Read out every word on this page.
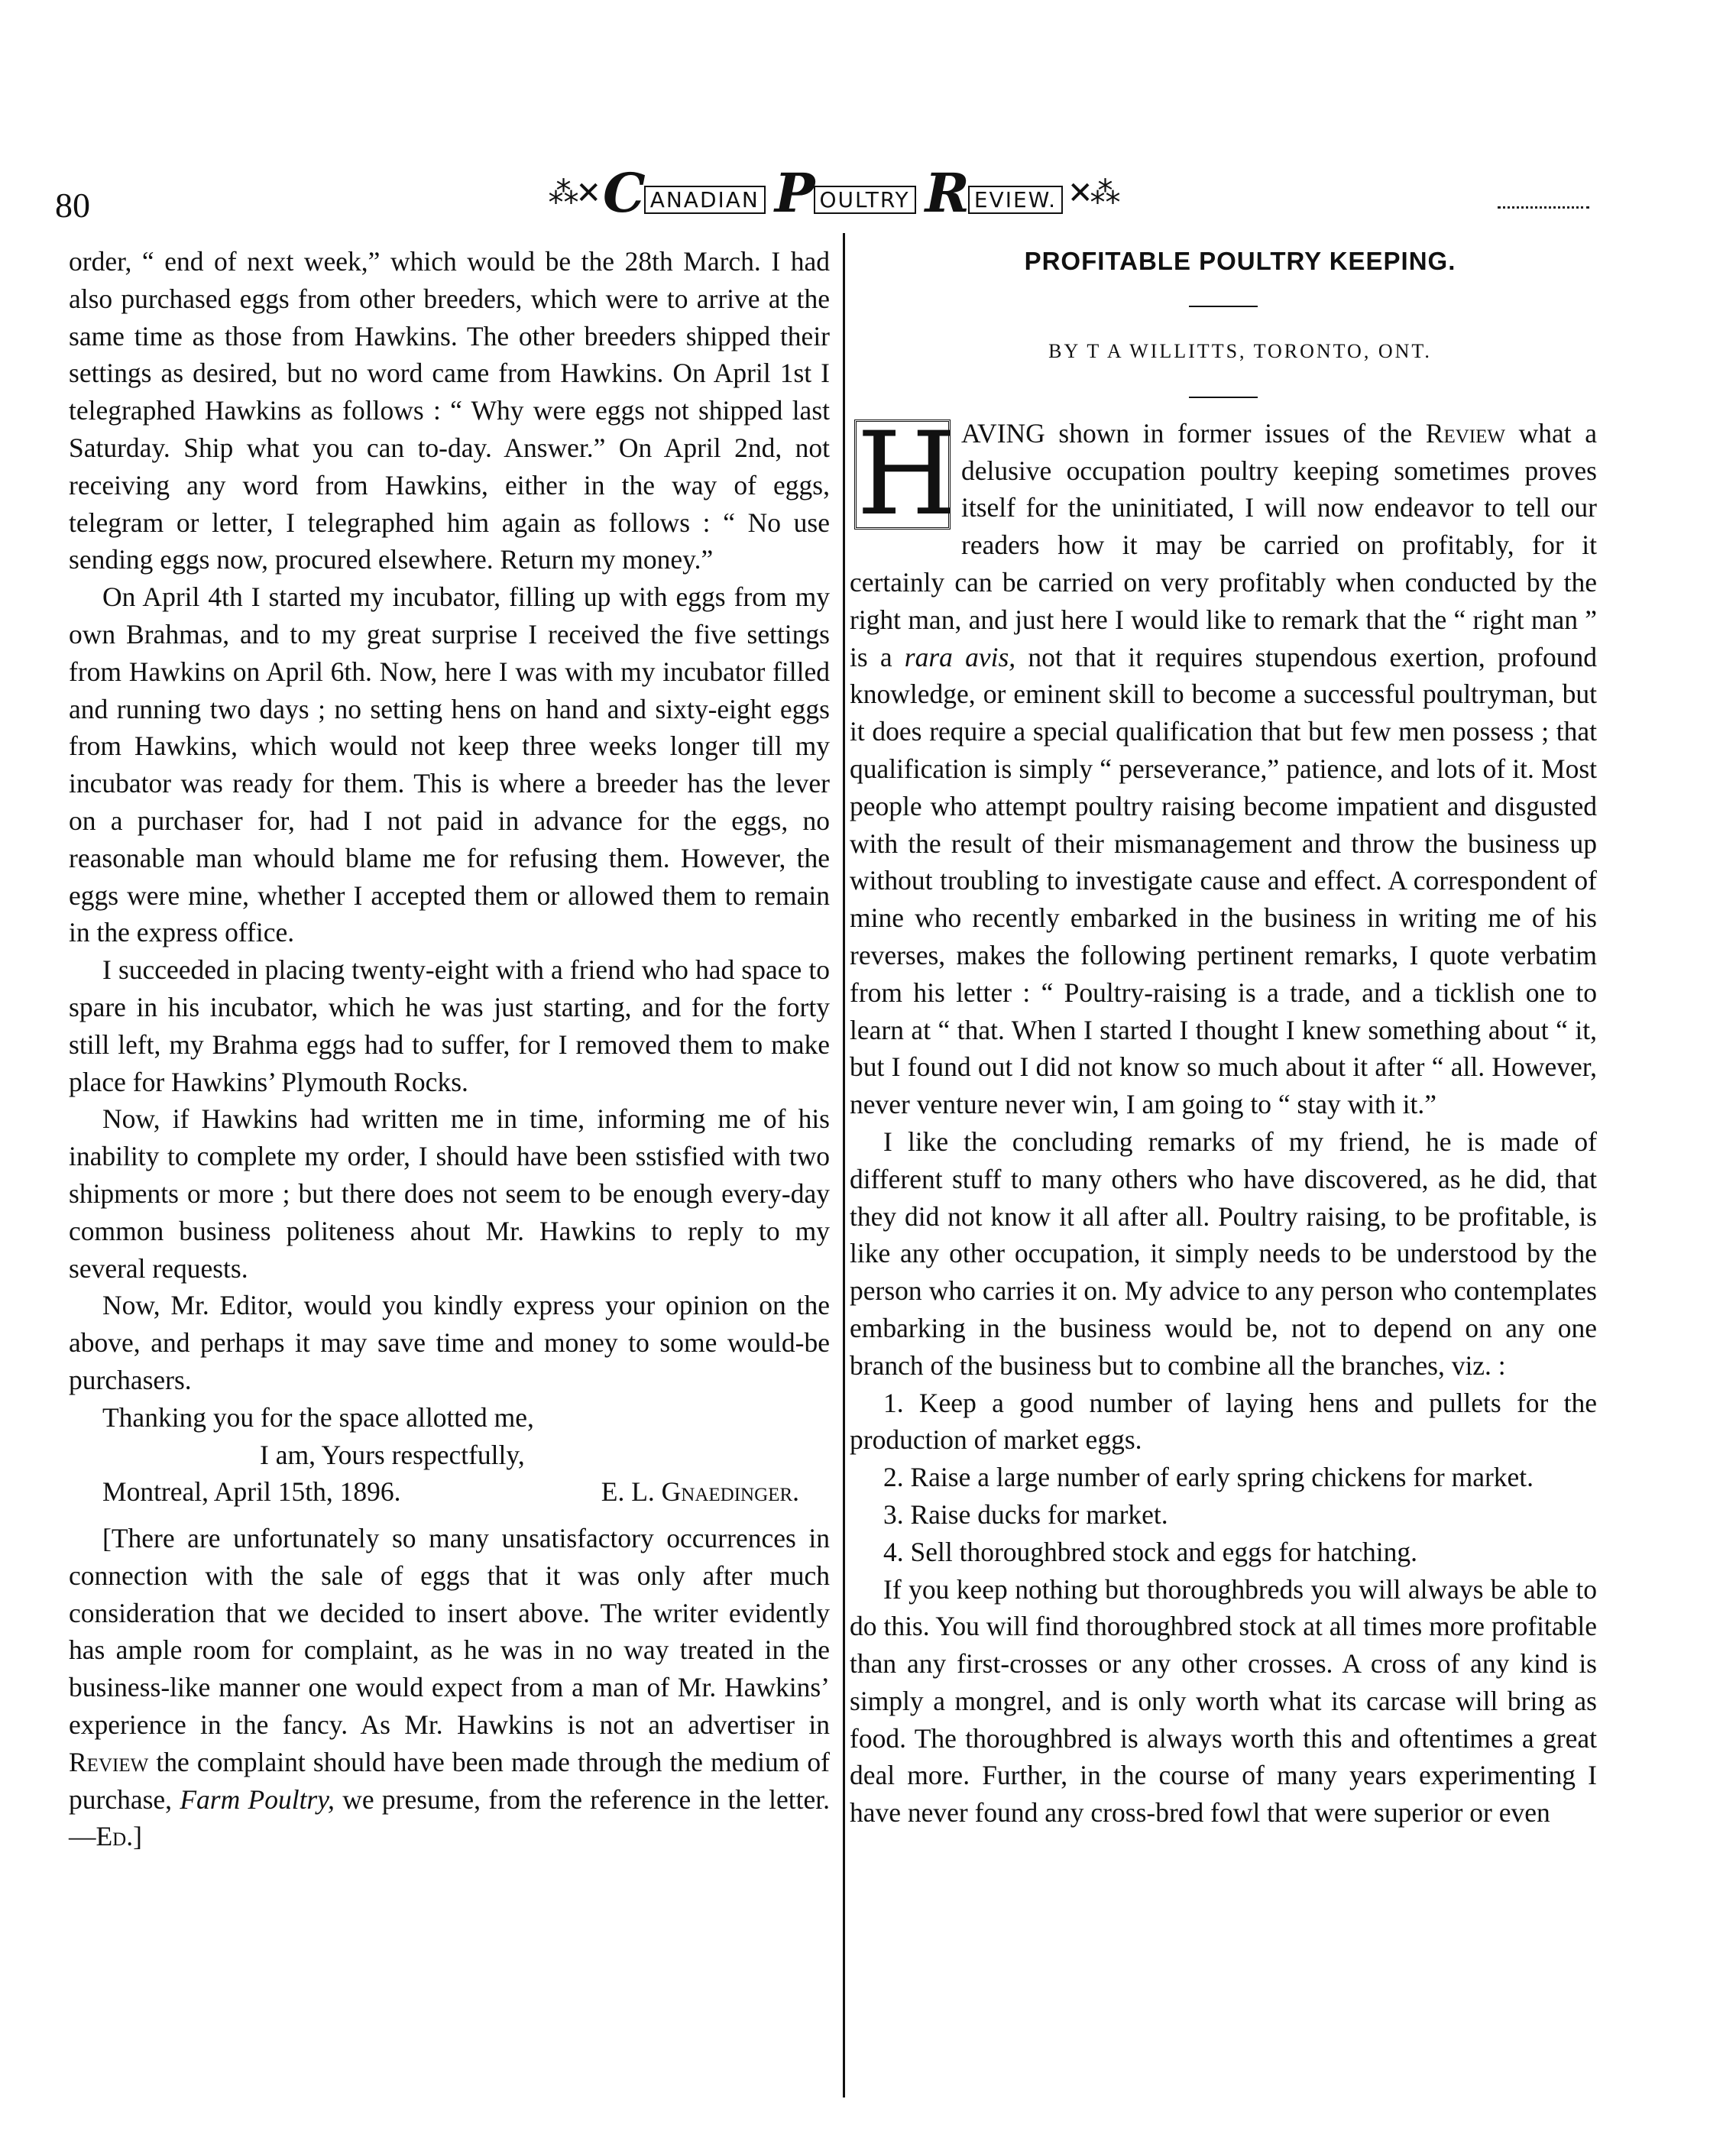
80	⁂✕ C ANADIAN P OULTRY R EVIEW. ✕⁂

order, “ end of next week,” which would be the 28th March. I had also purchased eggs from other breeders, which were to arrive at the same time as those from Hawkins. The other breeders shipped their settings as desired, but no word came from Hawkins. On April 1st I telegraphed Hawkins as follows : “ Why were eggs not shipped last Saturday. Ship what you can to-day. Answer.” On April 2nd, not receiving any word from Hawkins, either in the way of eggs, telegram or letter, I telegraphed him again as follows : “ No use sending eggs now, procured elsewhere. Return my money.”

On April 4th I started my incubator, filling up with eggs from my own Brahmas, and to my great surprise I received the five settings from Hawkins on April 6th. Now, here I was with my incubator filled and running two days ; no setting hens on hand and sixty-eight eggs from Hawkins, which would not keep three weeks longer till my incubator was ready for them. This is where a breeder has the lever on a purchaser for, had I not paid in advance for the eggs, no reasonable man whould blame me for refusing them. However, the eggs were mine, whether I accepted them or allowed them to remain in the express office.

I succeeded in placing twenty-eight with a friend who had space to spare in his incubator, which he was just starting, and for the forty still left, my Brahma eggs had to suffer, for I removed them to make place for Hawkins’ Plymouth Rocks.

Now, if Hawkins had written me in time, informing me of his inability to complete my order, I should have been sstisfied with two shipments or more ; but there does not seem to be enough every-day common business politeness ahout Mr. Hawkins to reply to my several requests.

Now, Mr. Editor, would you kindly express your opinion on the above, and perhaps it may save time and money to some would-be purchasers.

Thanking you for the space allotted me,

I am, Yours respectfully,

Montreal, April 15th, 1896.	E. L. Gnaedinger.

[There are unfortunately so many unsatisfactory occurrences in connection with the sale of eggs that it was only after much consideration that we decided to insert above. The writer evidently has ample room for complaint, as he was in no way treated in the business-like manner one would expect from a man of Mr. Hawkins’ experience in the fancy. As Mr. Hawkins is not an advertiser in Review the complaint should have been made through the medium of purchase, Farm Poultry, we presume, from the reference in the letter.—Ed.]

PROFITABLE POULTRY KEEPING.

BY T A WILLITTS, TORONTO, ONT.

H AVING shown in former issues of the Review what a delusive occupation poultry keeping sometimes proves itself for the uninitiated, I will now endeavor to tell our readers how it may be carried on profitably, for it certainly can be carried on very profitably when conducted by the right man, and just here I would like to remark that the “ right man ” is a rara avis, not that it requires stupendous exertion, profound knowledge, or eminent skill to become a successful poultryman, but it does require a special qualification that but few men possess ; that qualification is simply “ perseverance,” patience, and lots of it. Most people who attempt poultry raising become impatient and disgusted with the result of their mismanagement and throw the business up without troubling to investigate cause and effect. A correspondent of mine who recently embarked in the business in writing me of his reverses, makes the following pertinent remarks, I quote verbatim from his letter : “ Poultry-raising is a trade, and a ticklish one to learn at “ that. When I started I thought I knew something about “ it, but I found out I did not know so much about it after “ all. However, never venture never win, I am going to “ stay with it.”

I like the concluding remarks of my friend, he is made of different stuff to many others who have discovered, as he did, that they did not know it all after all. Poultry raising, to be profitable, is like any other occupation, it simply needs to be understood by the person who carries it on. My advice to any person who contemplates embarking in the business would be, not to depend on any one branch of the business but to combine all the branches, viz. :

1. Keep a good number of laying hens and pullets for the production of market eggs.

2. Raise a large number of early spring chickens for market.

3. Raise ducks for market.

4. Sell thoroughbred stock and eggs for hatching.

If you keep nothing but thoroughbreds you will always be able to do this. You will find thoroughbred stock at all times more profitable than any first-crosses or any other crosses. A cross of any kind is simply a mongrel, and is only worth what its carcase will bring as food. The thoroughbred is always worth this and oftentimes a great deal more. Further, in the course of many years experimenting I have never found any cross-bred fowl that were superior or even
